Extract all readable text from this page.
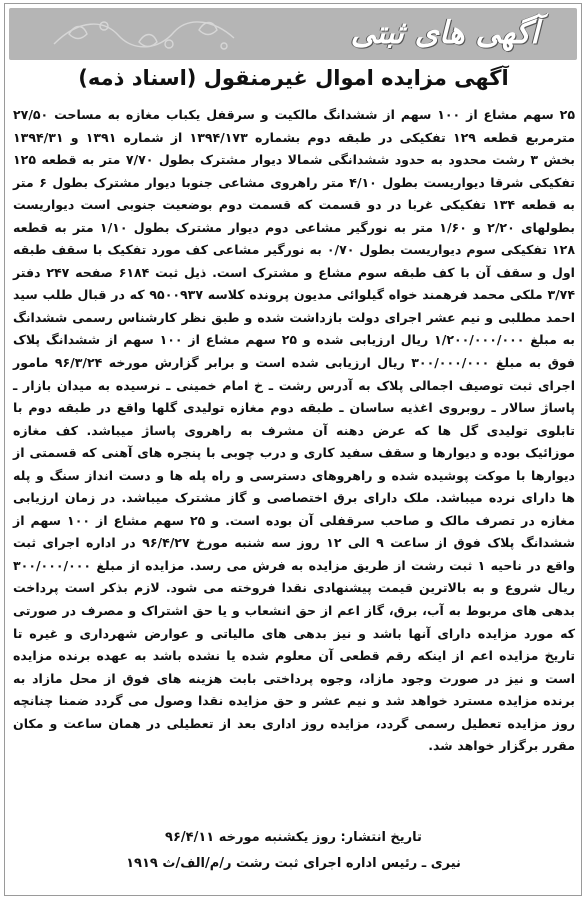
آگهی های ثبتی
آگهی مزایده اموال غیرمنقول (اسناد ذمه)
۲۵ سهم مشاع از ۱۰۰ سهم از ششدانگ مالکیت و سرقفل یکباب مغازه به مساحت ۲۷/۵۰ مترمربع قطعه ۱۲۹ تفکیکی در طبقه دوم بشماره ۱۳۹۴/۱۷۳ از شماره ۱۳۹۱ و ۱۳۹۴/۳۱ بخش ۳ رشت محدود به حدود ششدانگی شمالا دیوار مشترک بطول ۷/۷۰ متر به قطعه ۱۲۵ تفکیکی شرقا دیواریست بطول ۴/۱۰ متر راهروی مشاعی جنوبا دیوار مشترک بطول ۶ متر به قطعه ۱۳۴ تفکیکی غربا در دو قسمت که قسمت دوم بوضعیت جنوبی است دیواریست بطولهای ۲/۲۰ و ۱/۶۰ متر به نورگیر مشاعی دوم دیوار مشترک بطول ۱/۱۰ متر به قطعه ۱۲۸ تفکیکی سوم دیواریست بطول ۰/۷۰ به نورگیر مشاعی کف مورد تفکیک با سقف طبقه اول و سقف آن با کف طبقه سوم مشاع و مشترک است. ذیل ثبت ۶۱۸۴ صفحه ۲۴۷ دفتر ۳/۷۴ ملکی محمد فرهمند خواه گیلوائی مدیون پرونده کلاسه ۹۵۰۰۹۳۷ که در قبال طلب سید احمد مطلبی و نیم عشر اجرای دولت بازداشت شده و طبق نظر کارشناس رسمی ششدانگ به مبلغ ۱/۲۰۰/۰۰۰/۰۰۰ ریال ارزیابی شده و ۲۵ سهم مشاع از ۱۰۰ سهم از ششدانگ پلاک فوق به مبلغ ۳۰۰/۰۰۰/۰۰۰ ریال ارزیابی شده است و برابر گزارش مورخه ۹۶/۳/۲۴ مامور اجرای ثبت توصیف اجمالی پلاک به آدرس رشت ـ خ امام خمینی ـ نرسیده به میدان بازار ـ پاساژ سالار ـ روبروی اغذیه ساسان ـ طبقه دوم مغازه تولیدی گلها واقع در طبقه دوم با تابلوی تولیدی گل ها که عرض دهنه آن مشرف به راهروی پاساژ میباشد. کف مغازه موزائیک بوده و دیوارها و سقف سفید کاری و درب چوبی با پنجره های آهنی که قسمتی از دیوارها با موکت پوشیده شده و راهروهای دسترسی و راه پله ها و دست انداز سنگ و پله ها دارای نرده میباشد. ملک دارای برق اختصاصی و گاز مشترک میباشد. در زمان ارزیابی مغازه در تصرف مالک و صاحب سرقفلی آن بوده است. و ۲۵ سهم مشاع از ۱۰۰ سهم از ششدانگ پلاک فوق از ساعت ۹ الی ۱۲ روز سه شنبه مورخ ۹۶/۴/۲۷ در اداره اجرای ثبت واقع در ناحیه ۱ ثبت رشت از طریق مزایده به فرش می رسد. مزایده از مبلغ ۳۰۰/۰۰۰/۰۰۰ ریال شروع و به بالاترین قیمت پیشنهادی نقدا فروخته می شود. لازم بذکر است پرداخت بدهی های مربوط به آب، برق، گاز اعم از حق انشعاب و یا حق اشتراک و مصرف در صورتی که مورد مزایده دارای آنها باشد و نیز بدهی های مالیاتی و عوارض شهرداری و غیره تا تاریخ مزایده اعم از اینکه رقم قطعی آن معلوم شده یا نشده باشد به عهده برنده مزایده است و نیز در صورت وجود مازاد، وجوه پرداختی بابت هزینه های فوق از محل مازاد به برنده مزایده مسترد خواهد شد و نیم عشر و حق مزایده نقدا وصول می گردد ضمنا چنانچه روز مزایده تعطیل رسمی گردد، مزایده روز اداری بعد از تعطیلی در همان ساعت و مکان مقرر برگزار خواهد شد.
تاریخ انتشار: روز یکشنبه مورخه ۹۶/۴/۱۱
نیری ـ رئیس اداره اجرای ثبت رشت ر/م/الف/ث ۱۹۱۹
